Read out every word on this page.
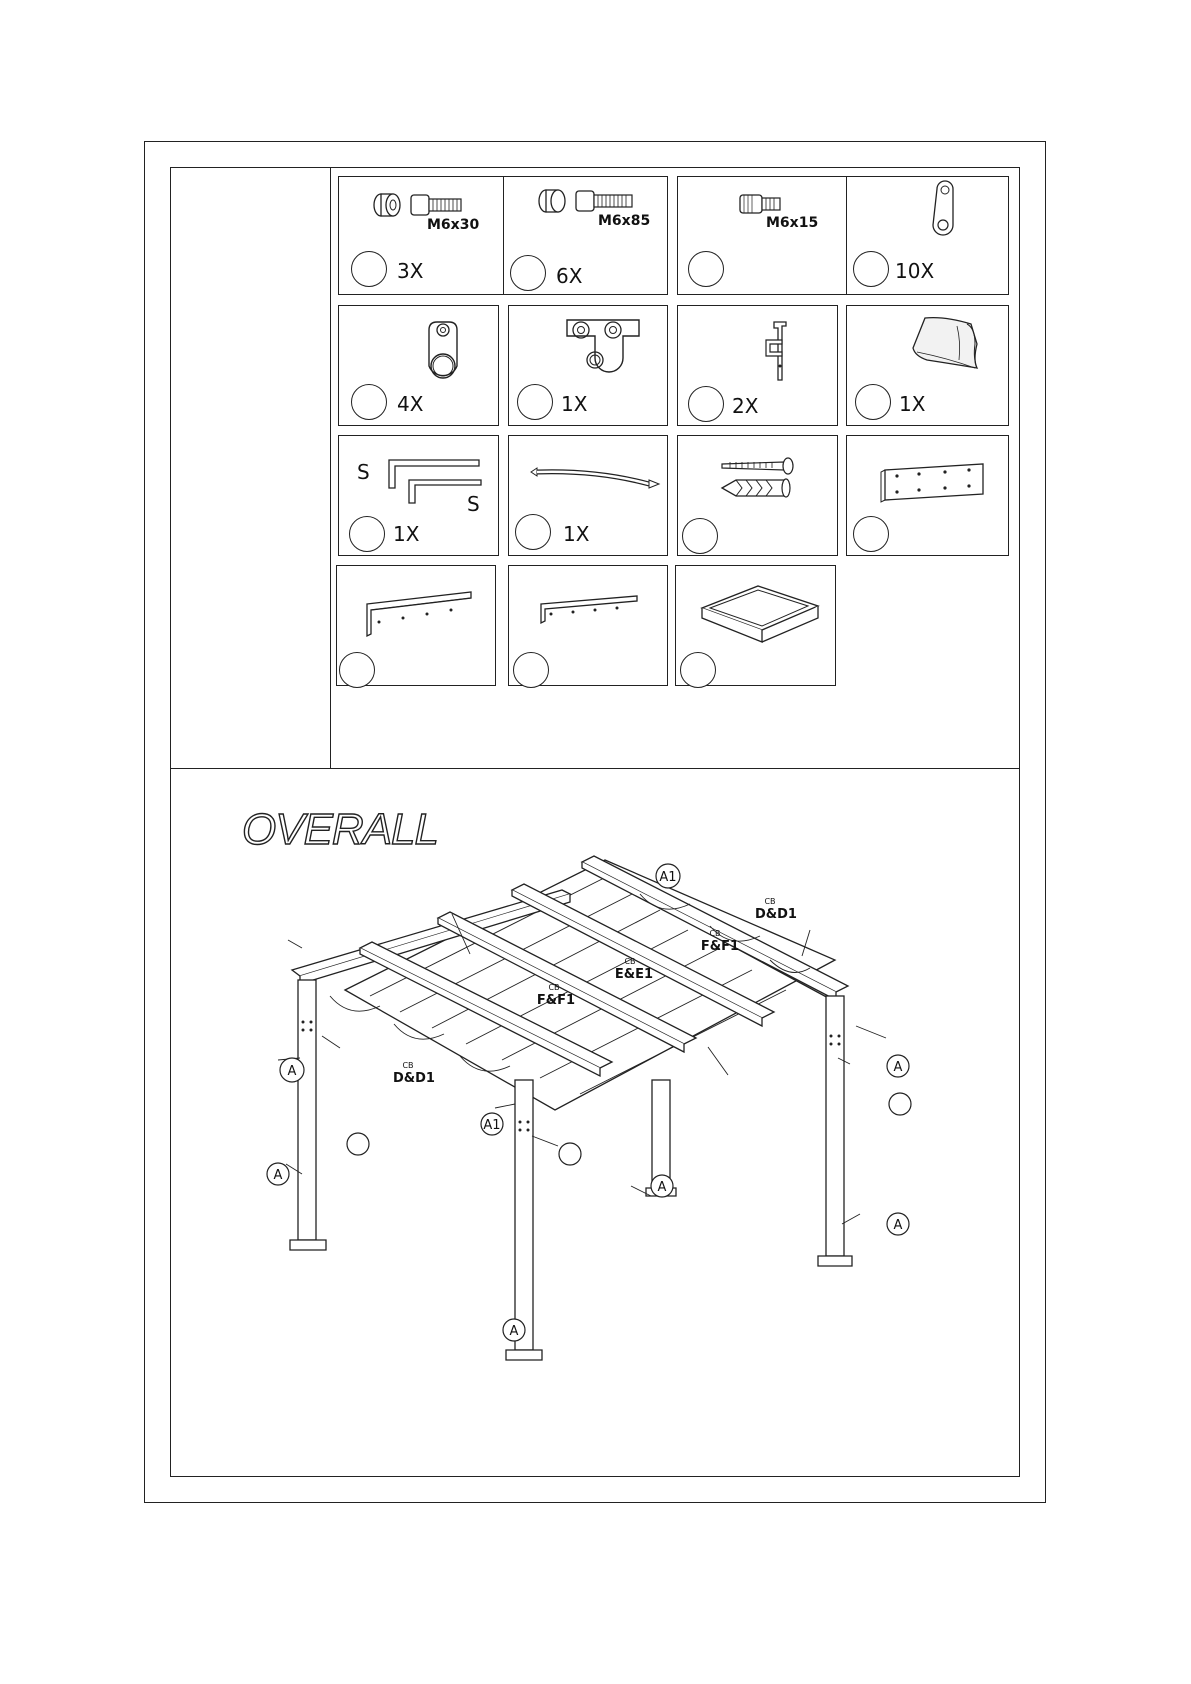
M6x30
3X
M6x85
6X
M6x15
10X
4X	1X	2X	1X
S
S
1X	1X
OVERALL
A1
A
A
A1
A
A
A
A
CB
CB
CB
CB
CB
D&D1
F&F1
E&E1
F&F1
D&D1
